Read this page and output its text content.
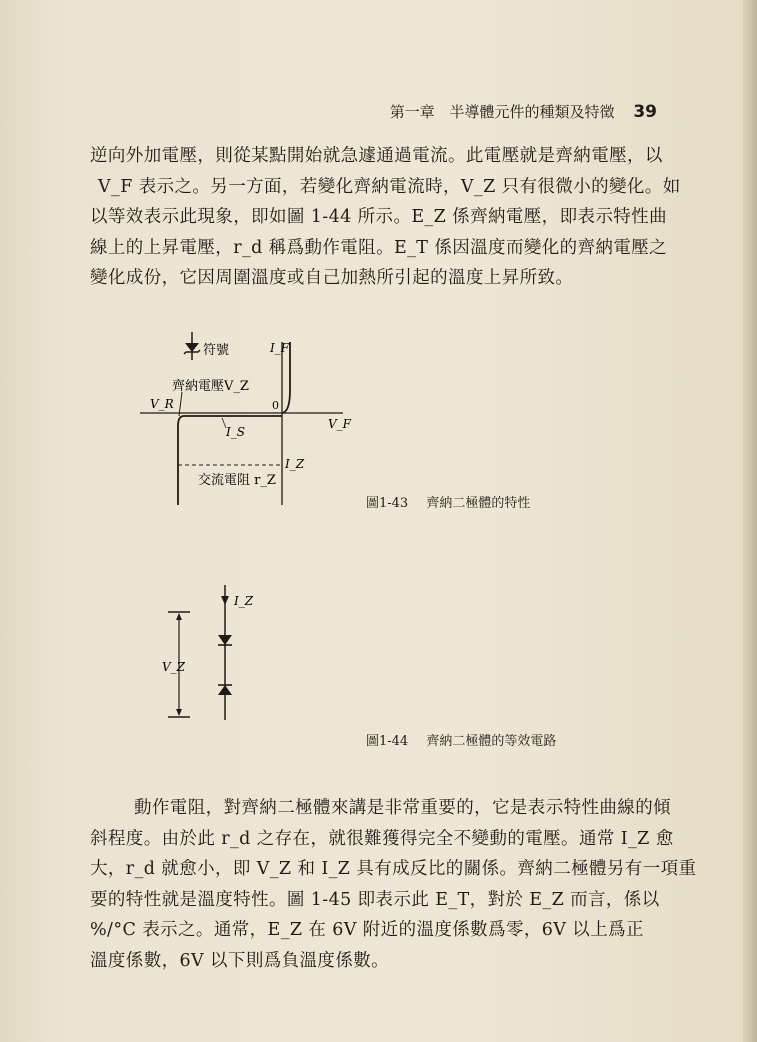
第一章 半導體元件的種類及特徵 39

逆向外加電壓，則從某點開始就急遽通過電流。此電壓就是齊納電壓，以

V_F 表示之。另一方面，若變化齊納電流時，V_Z 只有很微小的變化。如

以等效表示此現象，即如圖 1-44 所示。E_Z 係齊納電壓，即表示特性曲

線上的上昇電壓，r_d 稱爲動作電阻。E_T 係因溫度而變化的齊納電壓之

變化成份，它因周圍溫度或自己加熱所引起的溫度上昇所致。

符號
齊納電壓V_Z
V_R
V_F
I_F
0
I_S
I_Z
交流電阻 r_Z
圖1-43 齊納二極體的特性
V_Z
I_Z
圖1-44 齊納二極體的等效電路

動作電阻，對齊納二極體來講是非常重要的，它是表示特性曲線的傾

斜程度。由於此 r_d 之存在，就很難獲得完全不變動的電壓。通常 I_Z 愈

大，r_d 就愈小，即 V_Z 和 I_Z 具有成反比的關係。齊納二極體另有一項重

要的特性就是溫度特性。圖 1-45 即表示此 E_T，對於 E_Z 而言，係以

%/°C 表示之。通常，E_Z 在 6V 附近的溫度係數爲零，6V 以上爲正

溫度係數，6V 以下則爲負溫度係數。
